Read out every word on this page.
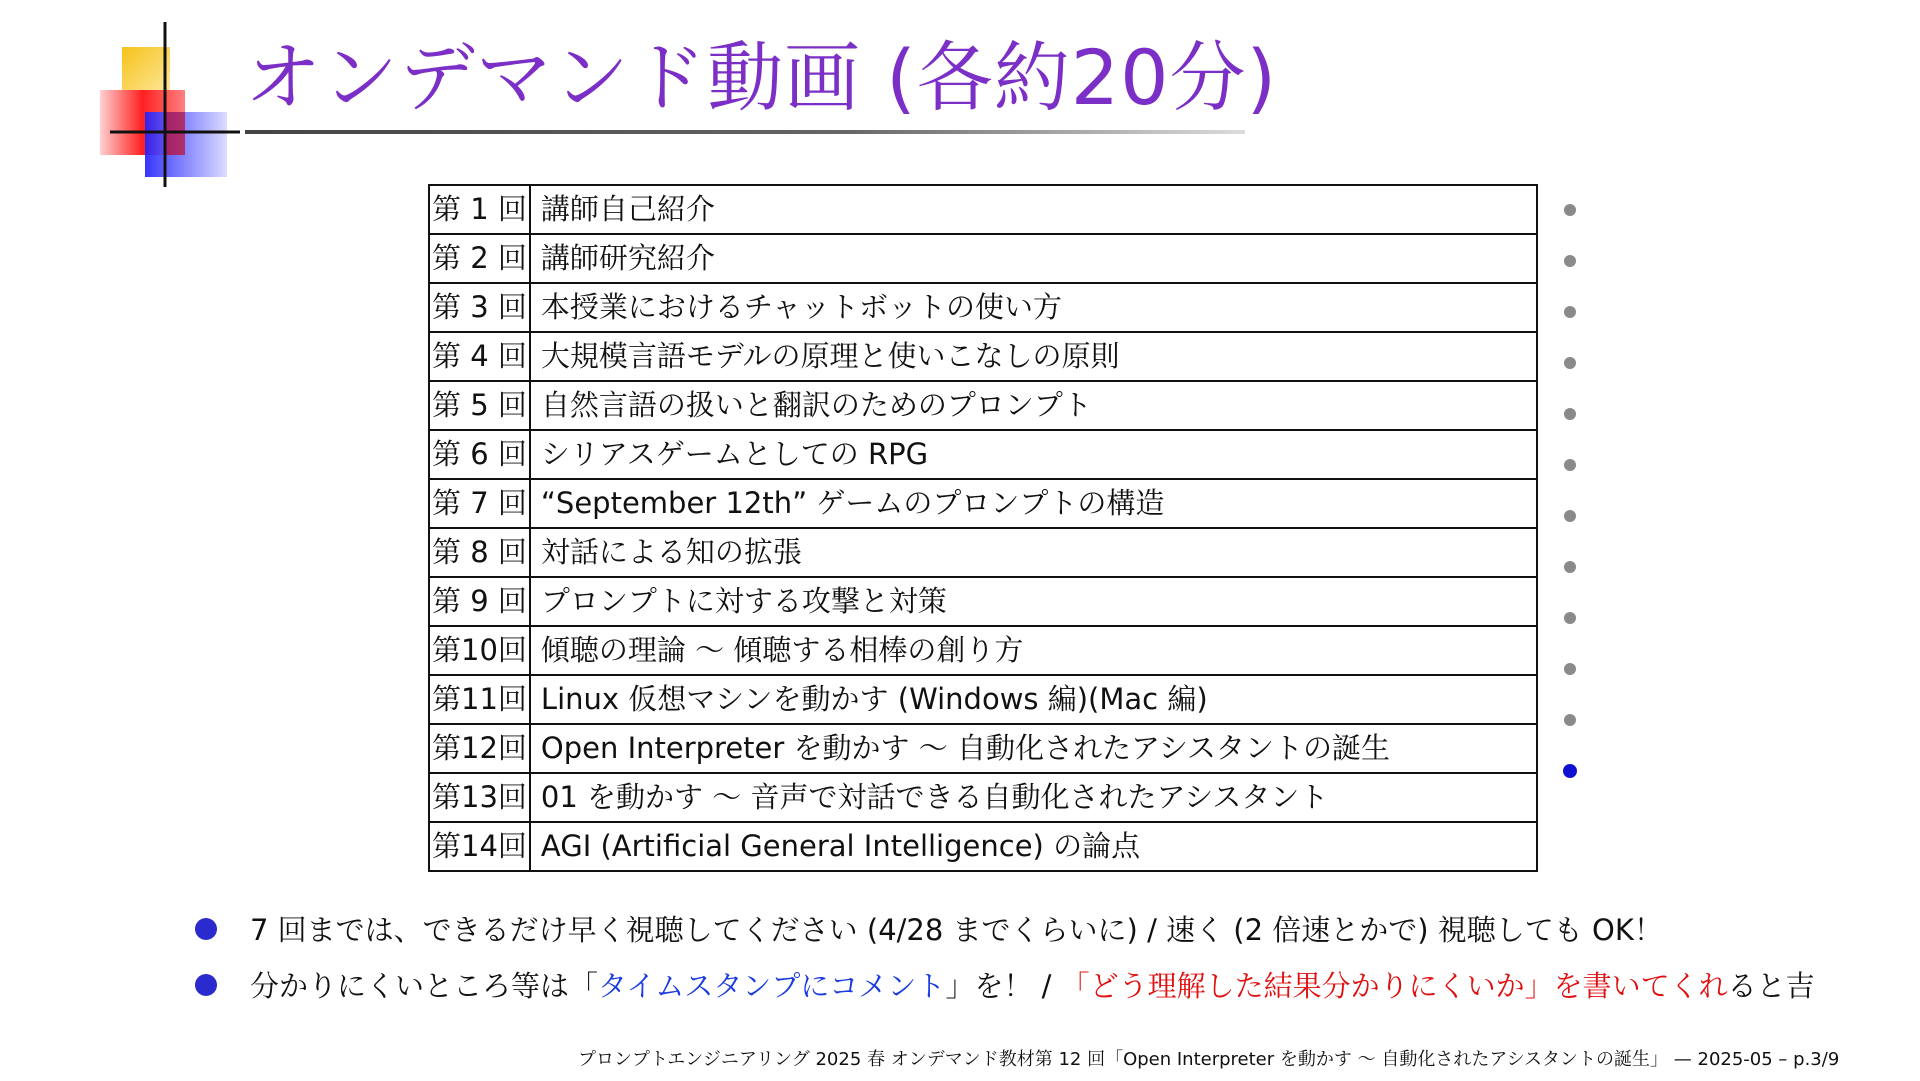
オンデマンド動画 (各約20分)
第 1 回	講師自己紹介
第 2 回	講師研究紹介
第 3 回	本授業におけるチャットボットの使い方
第 4 回	大規模言語モデルの原理と使いこなしの原則
第 5 回	自然言語の扱いと翻訳のためのプロンプト
第 6 回	シリアスゲームとしての RPG
第 7 回	“September 12th” ゲームのプロンプトの構造
第 8 回	対話による知の拡張
第 9 回	プロンプトに対する攻撃と対策
第10回	傾聴の理論 ～ 傾聴する相棒の創り方
第11回	Linux 仮想マシンを動かす (Windows 編)(Mac 編)
第12回	Open Interpreter を動かす ～ 自動化されたアシスタントの誕生
第13回	01 を動かす ～ 音声で対話できる自動化されたアシスタント
第14回	AGI (Artificial General Intelligence) の論点
7 回までは、できるだけ早く視聴してください (4/28 までくらいに) / 速く (2 倍速とかで) 視聴しても OK！
分かりにくいところ等は「タイムスタンプにコメント」を！ / 「どう理解した結果分かりにくいか」を書いてくれると吉
プロンプトエンジニアリング 2025 春 オンデマンド教材第 12 回「Open Interpreter を動かす ～ 自動化されたアシスタントの誕生」 — 2025-05 – p.3/9
